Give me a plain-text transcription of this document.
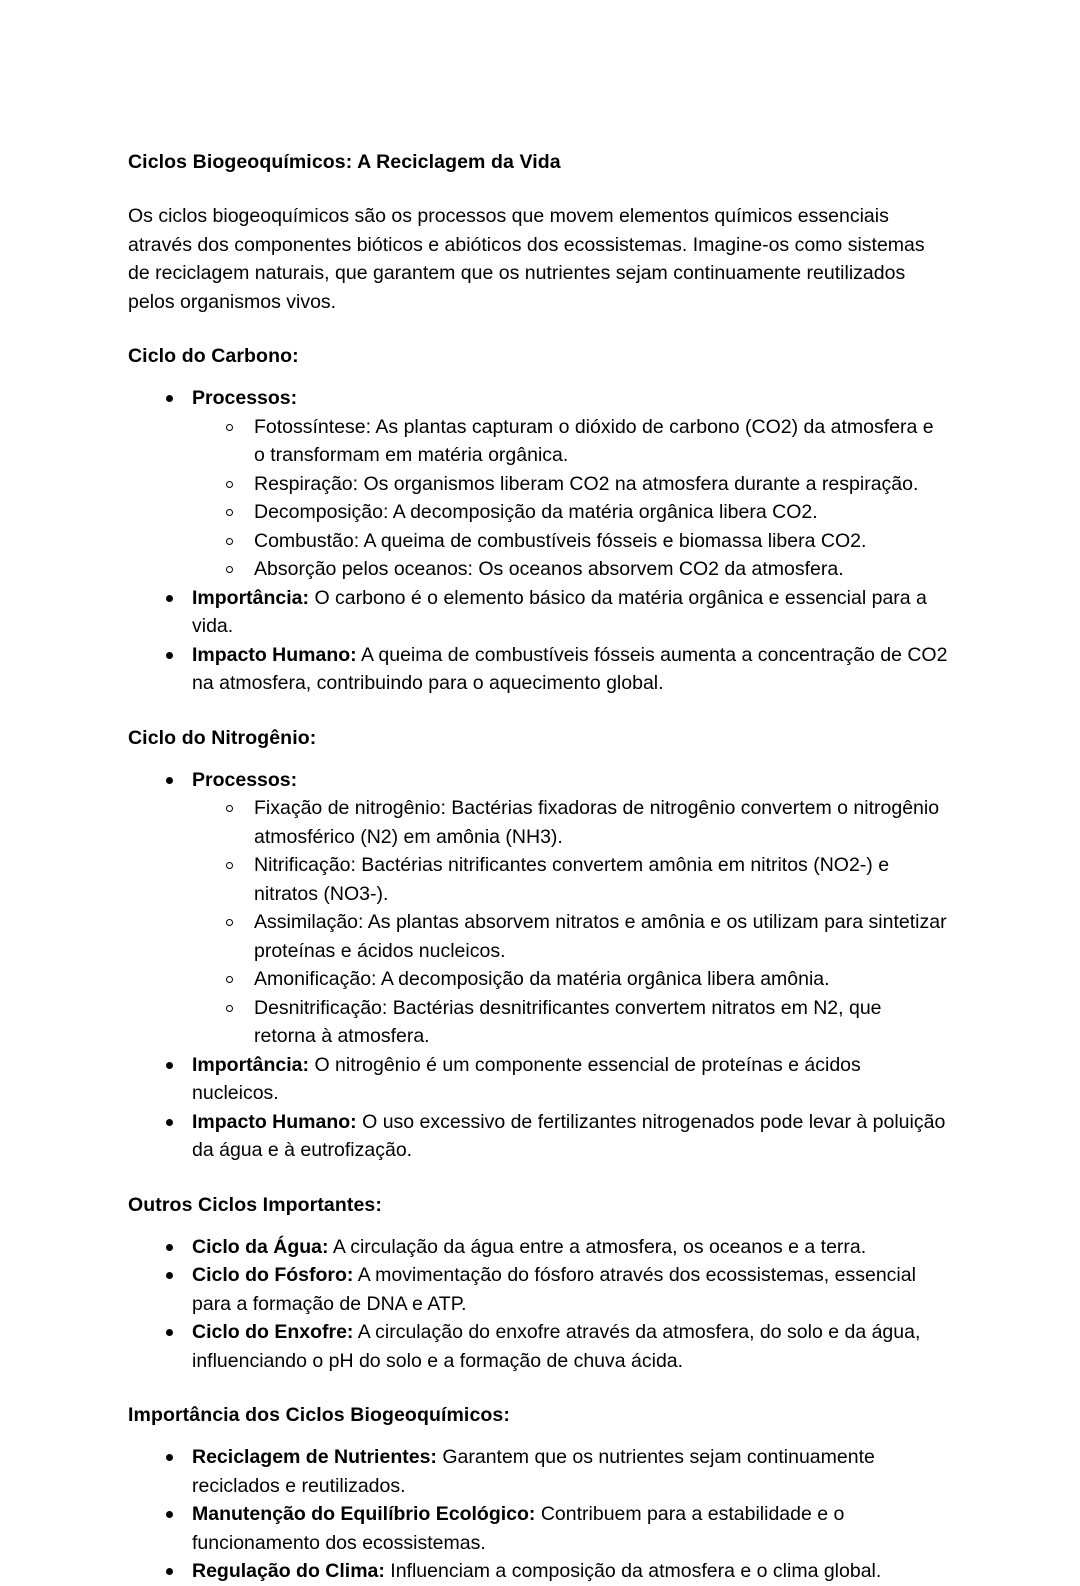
Ciclos Biogeoquímicos: A Reciclagem da Vida

Os ciclos biogeoquímicos são os processos que movem elementos químicos essenciais através dos componentes bióticos e abióticos dos ecossistemas. Imagine-os como sistemas de reciclagem naturais, que garantem que os nutrientes sejam continuamente reutilizados pelos organismos vivos.

Ciclo do Carbono:
Processos:
Fotossíntese: As plantas capturam o dióxido de carbono (CO2) da atmosfera e o transformam em matéria orgânica.
Respiração: Os organismos liberam CO2 na atmosfera durante a respiração.
Decomposição: A decomposição da matéria orgânica libera CO2.
Combustão: A queima de combustíveis fósseis e biomassa libera CO2.
Absorção pelos oceanos: Os oceanos absorvem CO2 da atmosfera.
Importância: O carbono é o elemento básico da matéria orgânica e essencial para a vida.
Impacto Humano: A queima de combustíveis fósseis aumenta a concentração de CO2 na atmosfera, contribuindo para o aquecimento global.
Ciclo do Nitrogênio:
Processos:
Fixação de nitrogênio: Bactérias fixadoras de nitrogênio convertem o nitrogênio atmosférico (N2) em amônia (NH3).
Nitrificação: Bactérias nitrificantes convertem amônia em nitritos (NO2-) e nitratos (NO3-).
Assimilação: As plantas absorvem nitratos e amônia e os utilizam para sintetizar proteínas e ácidos nucleicos.
Amonificação: A decomposição da matéria orgânica libera amônia.
Desnitrificação: Bactérias desnitrificantes convertem nitratos em N2, que retorna à atmosfera.
Importância: O nitrogênio é um componente essencial de proteínas e ácidos nucleicos.
Impacto Humano: O uso excessivo de fertilizantes nitrogenados pode levar à poluição da água e à eutrofização.
Outros Ciclos Importantes:
Ciclo da Água: A circulação da água entre a atmosfera, os oceanos e a terra.
Ciclo do Fósforo: A movimentação do fósforo através dos ecossistemas, essencial para a formação de DNA e ATP.
Ciclo do Enxofre: A circulação do enxofre através da atmosfera, do solo e da água, influenciando o pH do solo e a formação de chuva ácida.
Importância dos Ciclos Biogeoquímicos:
Reciclagem de Nutrientes: Garantem que os nutrientes sejam continuamente reciclados e reutilizados.
Manutenção do Equilíbrio Ecológico: Contribuem para a estabilidade e o funcionamento dos ecossistemas.
Regulação do Clima: Influenciam a composição da atmosfera e o clima global.
